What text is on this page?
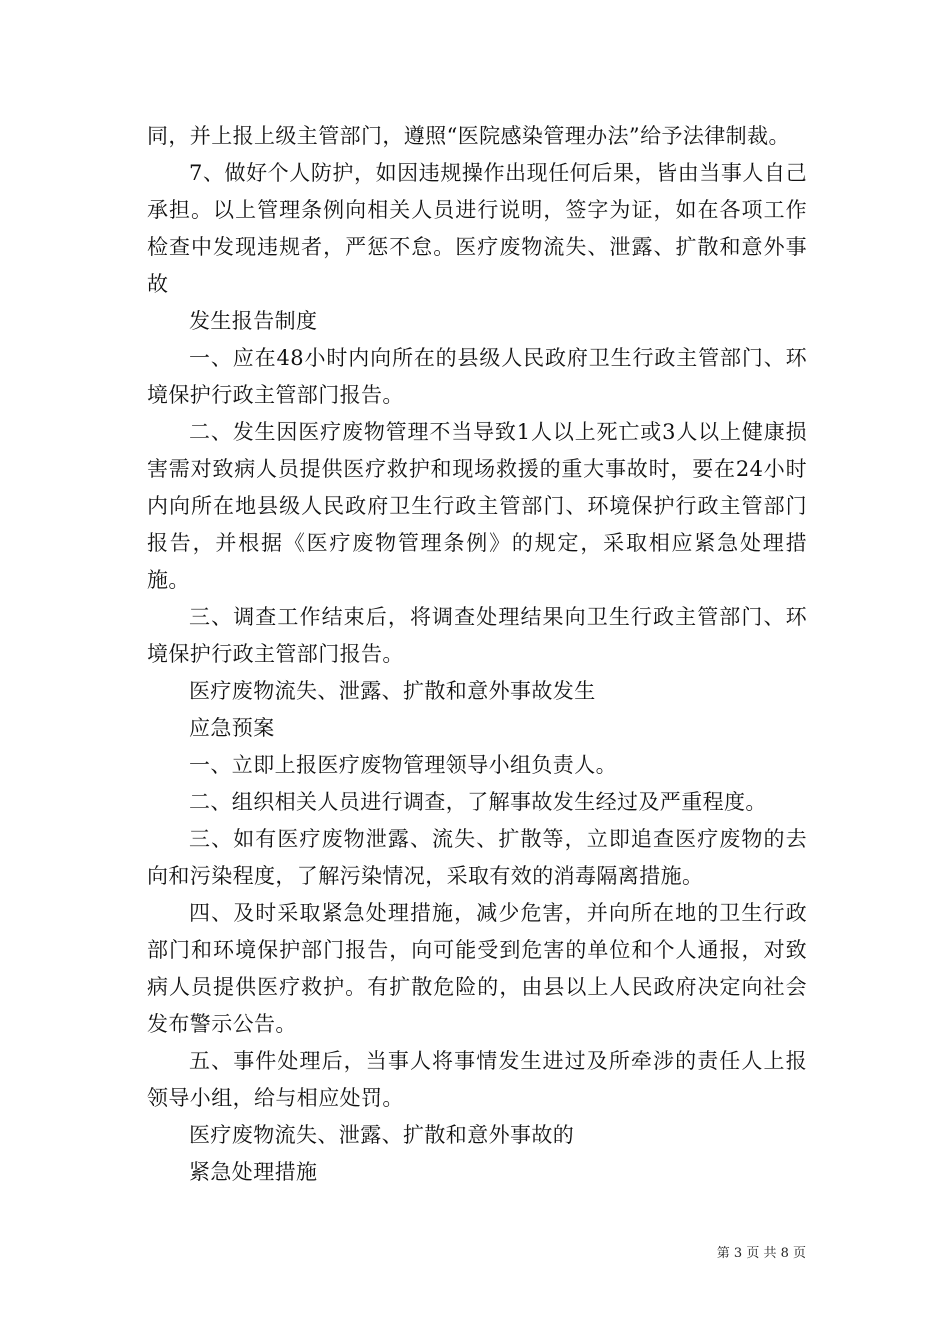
同，并上报上级主管部门，遵照“医院感染管理办法”给予法律制裁。

7、做好个人防护，如因违规操作出现任何后果，皆由当事人自己承担。以上管理条例向相关人员进行说明，签字为证，如在各项工作检查中发现违规者，严惩不怠。医疗废物流失、泄露、扩散和意外事故

发生报告制度

一、应在48小时内向所在的县级人民政府卫生行政主管部门、环境保护行政主管部门报告。

二、发生因医疗废物管理不当导致1人以上死亡或3人以上健康损害需对致病人员提供医疗救护和现场救援的重大事故时，要在24小时内向所在地县级人民政府卫生行政主管部门、环境保护行政主管部门报告，并根据《医疗废物管理条例》的规定，采取相应紧急处理措施。

三、调查工作结束后，将调查处理结果向卫生行政主管部门、环境保护行政主管部门报告。

医疗废物流失、泄露、扩散和意外事故发生

应急预案

一、立即上报医疗废物管理领导小组负责人。

二、组织相关人员进行调查，了解事故发生经过及严重程度。

三、如有医疗废物泄露、流失、扩散等，立即追查医疗废物的去向和污染程度，了解污染情况，采取有效的消毒隔离措施。

四、及时采取紧急处理措施，减少危害，并向所在地的卫生行政部门和环境保护部门报告，向可能受到危害的单位和个人通报，对致病人员提供医疗救护。有扩散危险的，由县以上人民政府决定向社会发布警示公告。

五、事件处理后，当事人将事情发生进过及所牵涉的责任人上报领导小组，给与相应处罚。

医疗废物流失、泄露、扩散和意外事故的

紧急处理措施

第 3 页 共 8 页
